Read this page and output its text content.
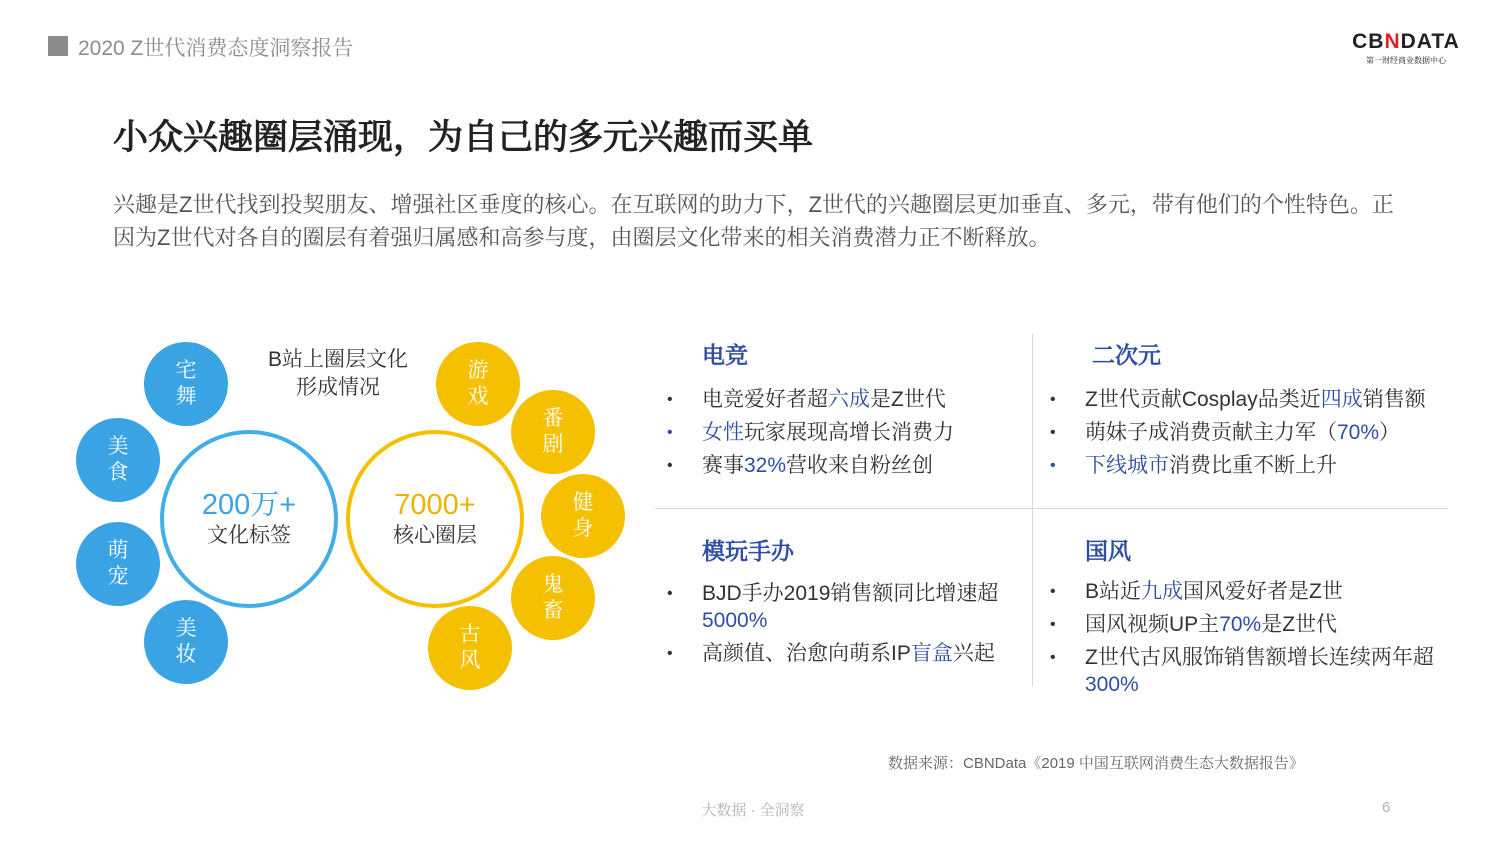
2020 Z世代消费态度洞察报告	CBNDATA
第一财经商业数据中心
小众兴趣圈层涌现，为自己的多元兴趣而买单
兴趣是Z世代找到投契朋友、增强社区垂度的核心。在互联网的助力下，Z世代的兴趣圈层更加垂直、多元，带有他们的个性特色。正因为Z世代对各自的圈层有着强归属感和高参与度，由圈层文化带来的相关消费潜力正不断释放。
B站上圈层文化
形成情况
宅舞
美食
萌宠
美妆
游戏
番剧
健身
鬼畜
古风
200万+
文化标签
7000+
核心圈层
电竞
• 电竞爱好者超六成是Z世代
• 女性玩家展现高增长消费力
• 赛事32%营收来自粉丝创
二次元
• Z世代贡献Cosplay品类近四成销售额
• 萌妹子成消费贡献主力军（70%）
• 下线城市消费比重不断上升
模玩手办
• BJD手办2019销售额同比增速超5000%
• 高颜值、治愈向萌系IP盲盒兴起
国风
• B站近九成国风爱好者是Z世
• 国风视频UP主70%是Z世代
• Z世代古风服饰销售额增长连续两年超300%
数据来源：CBNData《2019 中国互联网消费生态大数据报告》
大数据 · 全洞察	6
